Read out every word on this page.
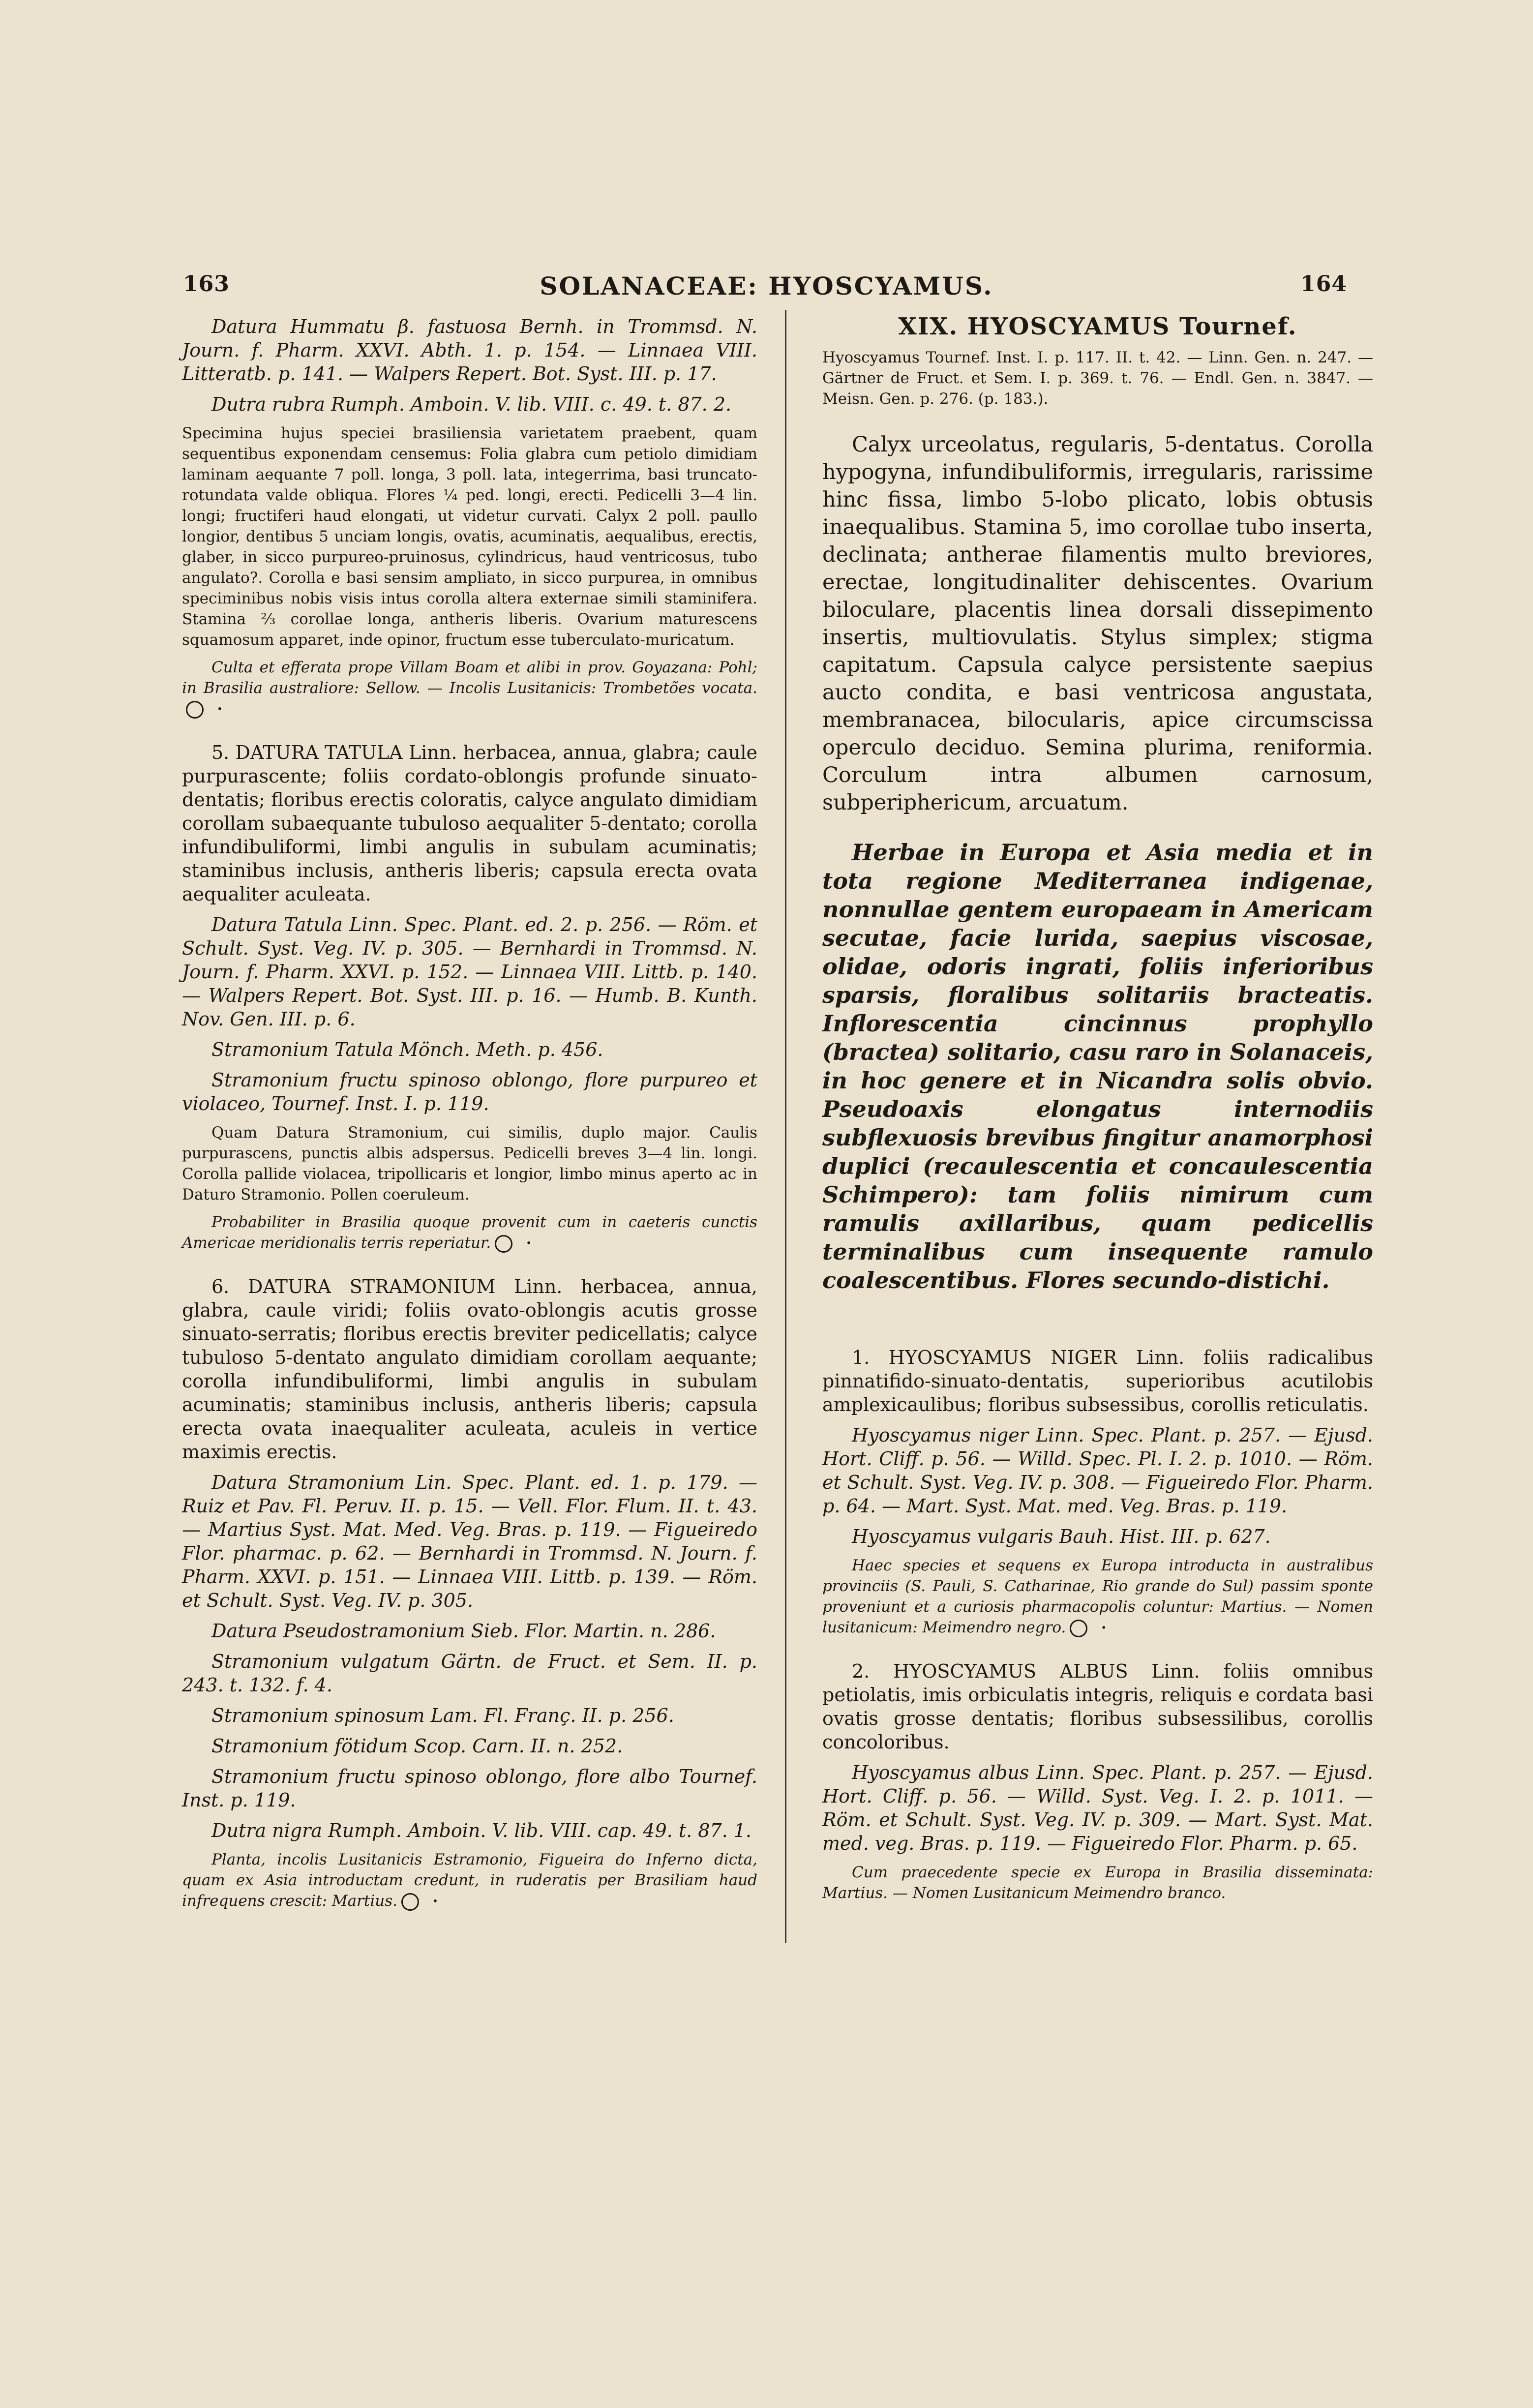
163	SOLANACEAE: HYOSCYAMUS.	164

Datura Hummatu β. fastuosa Bernh. in Trommsd. N. Journ. f. Pharm. XXVI. Abth. 1. p. 154. — Linnaea VIII. Litteratb. p. 141. — Walpers Repert. Bot. Syst. III. p. 17.

Dutra rubra Rumph. Amboin. V. lib. VIII. c. 49. t. 87. 2.

Specimina hujus speciei brasiliensia varietatem praebent, quam sequentibus exponendam censemus: Folia glabra cum petiolo dimidiam laminam aequante 7 poll. longa, 3 poll. lata, integerrima, basi truncato-rotundata valde obliqua. Flores ¼ ped. longi, erecti. Pedicelli 3—4 lin. longi; fructiferi haud elongati, ut videtur curvati. Calyx 2 poll. paullo longior, dentibus 5 unciam longis, ovatis, acuminatis, aequalibus, erectis, glaber, in sicco purpureo-pruinosus, cylindricus, haud ventricosus, tubo angulato?. Corolla e basi sensim ampliato, in sicco purpurea, in omnibus speciminibus nobis visis intus corolla altera externae simili staminifera. Stamina ⅔ corollae longa, antheris liberis. Ovarium maturescens squamosum apparet, inde opinor, fructum esse tuberculato-muricatum.

Culta et efferata prope Villam Boam et alibi in prov. Goyazana: Pohl; in Brasilia australiore: Sellow. — Incolis Lusitanicis: Trombetões vocata.•

5. DATURA TATULA Linn. herbacea, annua, glabra; caule purpurascente; foliis cordato-oblongis profunde sinuato-dentatis; floribus erectis coloratis, calyce angulato dimidiam corollam subaequante tubuloso aequaliter 5-dentato; corolla infundibuliformi, limbi angulis in subulam acuminatis; staminibus inclusis, antheris liberis; capsula erecta ovata aequaliter aculeata.

Datura Tatula Linn. Spec. Plant. ed. 2. p. 256. — Röm. et Schult. Syst. Veg. IV. p. 305. — Bernhardi in Trommsd. N. Journ. f. Pharm. XXVI. p. 152. — Linnaea VIII. Littb. p. 140. — Walpers Repert. Bot. Syst. III. p. 16. — Humb. B. Kunth. Nov. Gen. III. p. 6.

Stramonium Tatula Mönch. Meth. p. 456.

Stramonium fructu spinoso oblongo, flore purpureo et violaceo, Tournef. Inst. I. p. 119.

Quam Datura Stramonium, cui similis, duplo major. Caulis purpurascens, punctis albis adspersus. Pedicelli breves 3—4 lin. longi. Corolla pallide violacea, tripollicaris et longior, limbo minus aperto ac in Daturo Stramonio. Pollen coeruleum.

Probabiliter in Brasilia quoque provenit cum in caeteris cunctis Americae meridionalis terris reperiatur.•

6. DATURA STRAMONIUM Linn. herbacea, annua, glabra, caule viridi; foliis ovato-oblongis acutis grosse sinuato-serratis; floribus erectis breviter pedicellatis; calyce tubuloso 5-dentato angulato dimidiam corollam aequante; corolla infundibuliformi, limbi angulis in subulam acuminatis; staminibus inclusis, antheris liberis; capsula erecta ovata inaequaliter aculeata, aculeis in vertice maximis erectis.

Datura Stramonium Lin. Spec. Plant. ed. 1. p. 179. — Ruiz et Pav. Fl. Peruv. II. p. 15. — Vell. Flor. Flum. II. t. 43. — Martius Syst. Mat. Med. Veg. Bras. p. 119. — Figueiredo Flor. pharmac. p. 62. — Bernhardi in Trommsd. N. Journ. f. Pharm. XXVI. p. 151. — Linnaea VIII. Littb. p. 139. — Röm. et Schult. Syst. Veg. IV. p. 305.

Datura Pseudostramonium Sieb. Flor. Martin. n. 286.

Stramonium vulgatum Gärtn. de Fruct. et Sem. II. p. 243. t. 132. f. 4.

Stramonium spinosum Lam. Fl. Franç. II. p. 256.

Stramonium fötidum Scop. Carn. II. n. 252.

Stramonium fructu spinoso oblongo, flore albo Tournef. Inst. p. 119.

Dutra nigra Rumph. Amboin. V. lib. VIII. cap. 49. t. 87. 1.

Planta, incolis Lusitanicis Estramonio, Figueira do Inferno dicta, quam ex Asia introductam credunt, in ruderatis per Brasiliam haud infrequens crescit: Martius.•

XIX. HYOSCYAMUS Tournef.

Hyoscyamus Tournef. Inst. I. p. 117. II. t. 42. — Linn. Gen. n. 247. — Gärtner de Fruct. et Sem. I. p. 369. t. 76. — Endl. Gen. n. 3847. — Meisn. Gen. p. 276. (p. 183.).

Calyx urceolatus, regularis, 5-dentatus. Corolla hypogyna, infundibuliformis, irregularis, rarissime hinc fissa, limbo 5-lobo plicato, lobis obtusis inaequalibus. Stamina 5, imo corollae tubo inserta, declinata; antherae filamentis multo breviores, erectae, longitudinaliter dehiscentes. Ovarium biloculare, placentis linea dorsali dissepimento insertis, multiovulatis. Stylus simplex; stigma capitatum. Capsula calyce persistente saepius aucto condita, e basi ventricosa angustata, membranacea, bilocularis, apice circumscissa operculo deciduo. Semina plurima, reniformia. Corculum intra albumen carnosum, subperiphericum, arcuatum.

Herbae in Europa et Asia media et in tota regione Mediterranea indigenae, nonnullae gentem europaeam in Americam secutae, facie lurida, saepius viscosae, olidae, odoris ingrati, foliis inferioribus sparsis, floralibus solitariis bracteatis. Inflorescentia cincinnus prophyllo (bractea) solitario, casu raro in Solanaceis, in hoc genere et in Nicandra solis obvio. Pseudoaxis elongatus internodiis subflexuosis brevibus fingitur anamorphosi duplici (recaulescentia et concaulescentia Schimpero): tam foliis nimirum cum ramulis axillaribus, quam pedicellis terminalibus cum insequente ramulo coalescentibus. Flores secundo-distichi.

1. HYOSCYAMUS NIGER Linn. foliis radicalibus pinnatifido-sinuato-dentatis, superioribus acutilobis amplexicaulibus; floribus subsessibus, corollis reticulatis.

Hyoscyamus niger Linn. Spec. Plant. p. 257. — Ejusd. Hort. Cliff. p. 56. — Willd. Spec. Pl. I. 2. p. 1010. — Röm. et Schult. Syst. Veg. IV. p. 308. — Figueiredo Flor. Pharm. p. 64. — Mart. Syst. Mat. med. Veg. Bras. p. 119.

Hyoscyamus vulgaris Bauh. Hist. III. p. 627.

Haec species et sequens ex Europa introducta in australibus provinciis (S. Pauli, S. Catharinae, Rio grande do Sul) passim sponte proveniunt et a curiosis pharmacopolis coluntur: Martius. — Nomen lusitanicum: Meimendro negro.•

2. HYOSCYAMUS ALBUS Linn. foliis omnibus petiolatis, imis orbiculatis integris, reliquis e cordata basi ovatis grosse dentatis; floribus subsessilibus, corollis concoloribus.

Hyoscyamus albus Linn. Spec. Plant. p. 257. — Ejusd. Hort. Cliff. p. 56. — Willd. Syst. Veg. I. 2. p. 1011. — Röm. et Schult. Syst. Veg. IV. p. 309. — Mart. Syst. Mat. med. veg. Bras. p. 119. — Figueiredo Flor. Pharm. p. 65.

Cum praecedente specie ex Europa in Brasilia disseminata: Martius. — Nomen Lusitanicum Meimendro branco.
